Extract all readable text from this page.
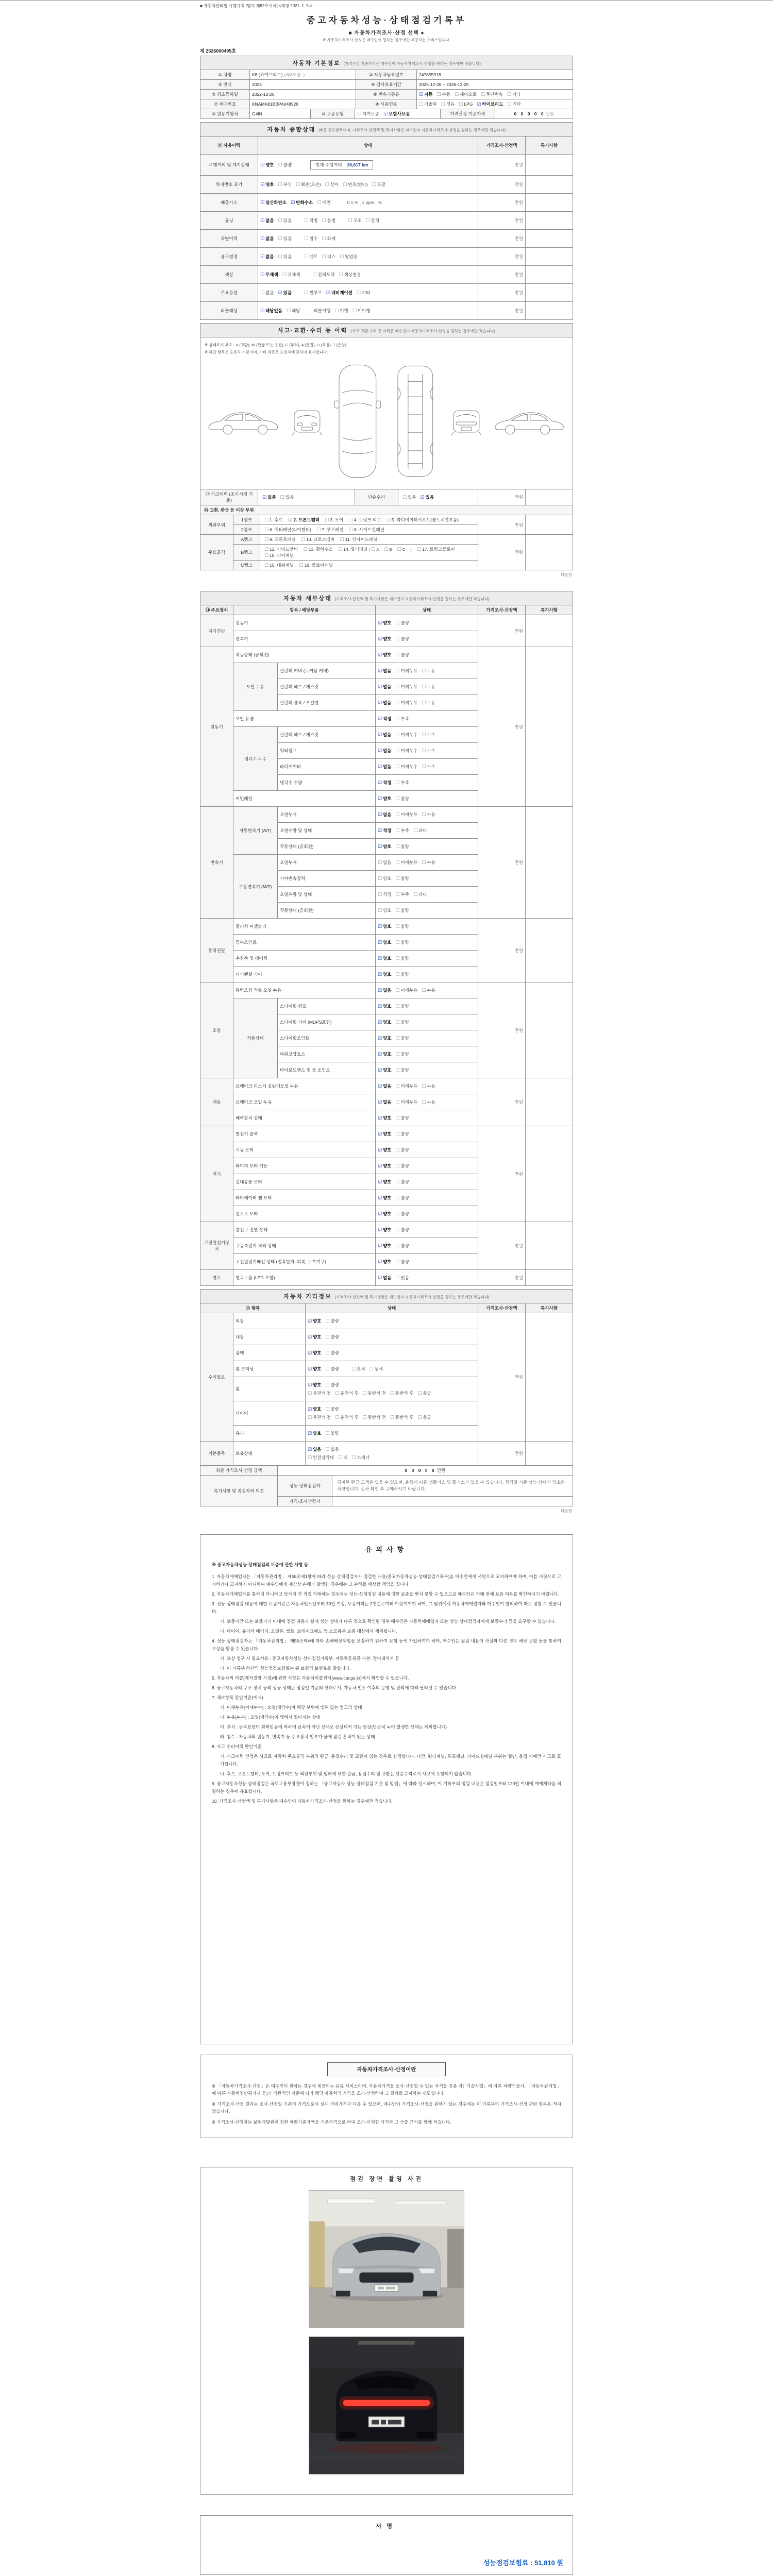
■ 자동차관리법 시행규칙 [별지 제82호서식] <개정 2021. 1. 5.>
중고자동차성능·상태점검기록부
■ 자동차가격조사·산정 선택 ●
※ 자동차가격조사·산정은 매수인이 원하는 경우에만 제공하는 서비스입니다.
제 2526000495호
자동차 기본정보 (가격산정 기준가격은 매수인이 자동차가격조사·산정을 원하는 경우에만 적습니다)			
① 차명	K8 (하이브리드) (세부모델 : )	② 자동차등록번호	247855918
③ 연식	2023	④ 검사유효기간	2025-12-26 ~ 2026-12-25
⑤ 최초등록일	2022-12-26	⑥ 변속기종류	☑ 자동 ☐ 수동 ☐ 세미오토 ☐ 무단변속 ☐ 기타
⑦ 차대번호	KNAMA81BBPA048926	⑧ 사용연료	☐ 가솔린 ☐ 경유 ☐ LPG ☑ 하이브리드 ☐ 기타
⑨ 원동기형식	G4IN	⑩ 보증유형	☐ 자가보증 ☑ 보험사보증	가격산정 기준가격	0 0 0 0 0 만원
자동차 종합상태 (※은 중요항목이며, 가격조사·산정액 및 특기사항은 매수인이 자동차가격조사·산정을 원하는 경우에만 적습니다)			
⑪ 사용이력	상태	가격조사·산정액	특기사항
주행거리 및 계기상태	☑ 양호 ☐ 불량 현재 주행거리 30,617 km	만원	
차대번호 표기	☑ 양호 ☐ 부식 ☐ 훼손(오손) ☐ 상이 ☐ 변조(변타) ☐ 도말	만원	
배출가스	☑ 일산화탄소 ☑ 탄화수소 ☐ 매연 0.1 % , 1 ppm , %	만원	
튜닝	☑ 없음 ☐ 있음 ☐ 적법 ☐ 불법 ☐ 구조 ☐ 장치	만원	
특별이력	☑ 없음 ☐ 있음 ☐ 침수 ☐ 화재	만원	
용도변경	☑ 없음 ☐ 있음 ☐ 렌트 ☐ 리스 ☐ 영업용	만원	
색상	☑ 무채색 ☐ 유채색 ☐ 전체도색 ☐ 색상변경	만원	
주요옵션	☐ 없음 ☑ 있음 ☐ 썬루프 ☑ 네비게이션 ☐ 기타	만원	
리콜대상	☑ 해당없음 ☐ 해당 리콜이행 ☐ 이행 ☐ 미이행	만원	
사고·교환·수리 등 이력 (사고·교환·수리 등 이력은 매수인이 자동차가격조사·산정을 원하는 경우에만 적습니다)
※ 상태표시 부호 : X (교환), W (판금 또는 용접), C (부식), A (흠집), U (요철), T (손상)
※ 하단 항목은 승용차 기준이며, 기타 차종은 승용차에 준하여 표시합니다.
⑫ 사고이력 (조사시점 기준)	☑ 없음 ☐ 있음	단순수리	☐ 없음 ☑ 있음	만원	
⑬ 교환, 판금 등 이상 부위				
외판부위	1랭크	☐ 1. 후드 ☑ 2. 프론트펜더 ☐ 3. 도어 ☐ 4. 트렁크 리드 ☐ 5. 라디에이터서포트(볼트체결부품)	만원	
	2랭크	☐ 6. 쿼터패널(리어펜더) ☐ 7. 루프패널 ☐ 8. 사이드실패널		
주요골격	A랭크	☐ 9. 프론트패널 ☐ 10. 크로스멤버 ☐ 11. 인사이드패널	만원	
	B랭크	☐ 12. 사이드멤버 ☐ 13. 휠하우스 ☐ 14. 필러패널 ( ☐ A ☐ B ☐ C ) ☐ 17. 트렁크플로어 ☐ 18. 리어패널		
	C랭크	☐ 15. 대쉬패널 ☐ 16. 플로어패널		
다음장
자동차 세부상태 (가격조사·산정액 및 특기사항은 매수인이 자동차가격조사·산정을 원하는 경우에만 적습니다)					
⑭ 주요장치	항목 / 해당부품		상태	가격조사·산정액	특기사항
자기진단	원동기		☑ 양호 ☐ 불량	만원	
	변속기		☑ 양호 ☐ 불량		
원동기	작동상태 (공회전)		☑ 양호 ☐ 불량	만원	
	오일 누유	실린더 커버 (로커암 커버)	☑ 없음 ☐ 미세누유 ☐ 누유		
		실린더 헤드 / 개스킷	☑ 없음 ☐ 미세누유 ☐ 누유		
		실린더 블록 / 오일팬	☑ 없음 ☐ 미세누유 ☐ 누유		
	오일 유량		☑ 적정 ☐ 부족		
	냉각수 누수	실린더 헤드 / 개스킷	☑ 없음 ☐ 미세누수 ☐ 누수		
		워터펌프	☑ 없음 ☐ 미세누수 ☐ 누수		
		라디에이터	☑ 없음 ☐ 미세누수 ☐ 누수		
		냉각수 수량	☑ 적정 ☐ 부족		
	커먼레일		☑ 양호 ☐ 불량		
변속기	자동변속기 (A/T)	오일누유	☑ 없음 ☐ 미세누유 ☐ 누유	만원	
		오일유량 및 상태	☑ 적정 ☐ 부족 ☐ 과다		
		작동상태 (공회전)	☑ 양호 ☐ 불량		
	수동변속기 (M/T)	오일누유	☐ 없음 ☐ 미세누유 ☐ 누유		
		기어변속장치	☐ 양호 ☐ 불량		
		오일유량 및 상태	☐ 적정 ☐ 부족 ☐ 과다		
		작동상태 (공회전)	☐ 양호 ☐ 불량		
동력전달	클러치 어셈블리		☑ 양호 ☐ 불량	만원	
	등속조인트		☑ 양호 ☐ 불량		
	추진축 및 베어링		☑ 양호 ☐ 불량		
	디퍼렌셜 기어		☑ 양호 ☐ 불량		
조향	동력조향 작동 오일 누유		☑ 없음 ☐ 미세누유 ☐ 누유	만원	
	작동상태	스티어링 펌프	☑ 양호 ☐ 불량		
		스티어링 기어 (MDPS포함)	☑ 양호 ☐ 불량		
		스티어링조인트	☑ 양호 ☐ 불량		
		파워고압호스	☑ 양호 ☐ 불량		
		타이로드엔드 및 볼 조인트	☑ 양호 ☐ 불량		
제동	브레이크 마스터 실린더오일 누유		☑ 없음 ☐ 미세누유 ☐ 누유	만원	
	브레이크 오일 누유		☑ 없음 ☐ 미세누유 ☐ 누유		
	배력장치 상태		☑ 양호 ☐ 불량		
전기	발전기 출력		☑ 양호 ☐ 불량	만원	
	시동 모터		☑ 양호 ☐ 불량		
	와이퍼 모터 기능		☑ 양호 ☐ 불량		
	실내송풍 모터		☑ 양호 ☐ 불량		
	라디에이터 팬 모터		☑ 양호 ☐ 불량		
	윈도우 모터		☑ 양호 ☐ 불량		
고전원전기장치	충전구 절연 상태		☑ 양호 ☐ 불량	만원	
	구동축전지 격리 상태		☑ 양호 ☐ 불량		
	고전원전기배선 상태 (접속단자, 피복, 보호기구)		☑ 양호 ☐ 불량		
연료	연료누출 (LPG 포함)		☑ 없음 ☐ 있음	만원	
자동차 기타정보 (가격조사·산정액 및 특기사항은 매수인이 자동차가격조사·산정을 원하는 경우에만 적습니다)				
⑮ 항목		상태	가격조사·산정액	특기사항
수리필요	외장	☑ 양호 ☐ 불량	만원	
	내장	☑ 양호 ☐ 불량		
	광택	☑ 양호 ☐ 불량		
	룸 크리닝	☑ 양호 ☐ 불량 ☐ 흔적 ☐ 냄새		
	휠	☑ 양호 ☐ 불량
☐ 운전석 전 ☐ 운전석 후 ☐ 동반석 전 ☐ 동반석 후 ☐ 응급		

	타이어	☑ 양호 ☐ 불량
☐ 운전석 전 ☐ 운전석 후 ☐ 동반석 전 ☐ 동반석 후 ☐ 응급		

	유리	☑ 양호 ☐ 불량		
기본품목	보유상태	☑ 있음 ☐ 없음
☐ 안전삼각대 ☐ 잭 ☐ 스패너	만원	
최종 가격조사·산정 금액	0 0 0 0 0 만원	
특기사항 및 점검자의 의견	성능·상태점검자	경미한 판금·도색은 있을 수 있으며, 운행에 따른 생활기스 및 휠기스가 있을 수 있습니다. 점검일 기준 성능·상태가 양호한 차량입니다. 실차 확인 후 구매하시기 바랍니다.
	가격·조사산정자	
다음장
유의사항
※ 중고자동차성능·상태점검의 보증에 관한 사항 등
1. 자동차매매업자는 「자동차관리법」 제58조제1항에 따라 성능·상태점검자가 점검한 내용(중고자동차성능·상태점검기록부)을 매수인에게 서면으로 고지하여야 하며, 이를 거짓으로 고지하거나 고지하지 아니하여 매수인에게 재산상 손해가 발생한 경우에는 그 손해를 배상할 책임을 집니다.
2. 자동차매매업자를 통하지 아니하고 당사자 간 직접 거래하는 경우에는 성능·상태점검 내용에 대한 보증을 받지 못할 수 있으므로 매수인은 거래 전에 보증 여부를 확인하시기 바랍니다.
3. 성능·상태점검 내용에 대한 보증기간은 자동차인도일부터 30일 이상, 보증거리는 2천킬로미터 이상이어야 하며, 그 범위에서 자동차매매업자와 매수인이 합의하여 따로 정할 수 있습니다.
가. 보증기간 또는 보증거리 이내에 점검 내용과 실제 성능·상태가 다른 것으로 확인된 경우 매수인은 자동차매매업자 또는 성능·상태점검자에게 보증수리 등을 요구할 수 있습니다.
나. 타이어, 유리와 배터리, 오일류, 벨트, 브레이크패드 등 소모품은 보증 대상에서 제외됩니다.
4. 성능·상태점검자는 「자동차관리법」 제58조의4에 따라 손해배상책임을 보장하기 위하여 보험 등에 가입하여야 하며, 매수인은 점검 내용이 사실과 다른 경우 해당 보험 등을 통하여 보상을 받을 수 있습니다.
가. 보상 청구 시 필요서류 : 중고자동차성능·상태점검기록부, 자동차등록증 사본, 정비내역서 등
나. 이 기록부 하단의 성능점검보험료는 위 보험의 보험료를 말합니다.
5. 자동차의 리콜(제작결함 시정)에 관한 사항은 자동차리콜센터(www.car.go.kr)에서 확인할 수 있습니다.
6. 중고자동차의 구조·장치 등의 성능·상태는 점검일 기준의 상태로서, 자동차 인도 이후의 운행 및 관리에 따라 달라질 수 있습니다.
7. 체크항목 판단기준(예시)
가. 미세누유(미세누수) : 오일(냉각수)이 해당 부위에 맺혀 있는 정도의 상태
나. 누유(누수) : 오일(냉각수)이 맺혀서 떨어지는 상태
다. 부식 : 금속표면이 화학반응에 의하여 금속이 아닌 상태로 상실되어 가는 현상(단순히 녹이 발생한 상태는 제외합니다)
라. 침수 : 자동차의 원동기, 변속기 등 주요장치 일부가 물에 잠긴 흔적이 있는 상태
8. 사고·수리이력 판단기준
가. 사고이력 인정은 사고로 자동차 주요골격 부위의 판금, 용접수리 및 교환이 있는 경우로 한정합니다. 다만, 쿼터패널, 루프패널, 사이드실패널 부위는 절단, 용접 시에만 사고로 표기합니다.
나. 후드, 프론트펜더, 도어, 트렁크리드 등 외판부위 및 범퍼에 대한 판금, 용접수리 및 교환은 단순수리로서 사고에 포함되지 않습니다.
9. 중고자동차성능·상태점검은 국토교통부장관이 정하는 「중고자동차 성능·상태점검 기준 및 방법」에 따라 실시하며, 이 기록부의 점검 내용은 점검일부터 120일 이내에 매매계약을 체결하는 경우에 유효합니다.
10. 가격조사·산정액 및 특기사항은 매수인이 자동차가격조사·산정을 원하는 경우에만 적습니다.
자동차가격조사·산정이란
※ 「자동차가격조사·산정」은 매수인이 원하는 경우에 제공되는 유료 서비스이며, 자동차가격을 조사·산정할 수 있는 자격을 갖춘 자(「기술사법」에 따른 차량기술사, 「자동차관리법」에 따른 자동차진단평가사 등)가 객관적인 기준에 따라 해당 자동차의 가격을 조사·산정하여 그 결과를 고지하는 제도입니다.
※ 가격조사·산정 결과는 조사·산정일 기준의 가격으로서 실제 거래가격과 다를 수 있으며, 매수인이 가격조사·산정을 원하지 않는 경우에는 이 기록부의 가격조사·산정 관련 항목은 적지 않습니다.
※ 가격조사·산정자는 보험개발원이 정한 차량기준가액을 기준가격으로 하여 조사·산정한 가격과 그 산출 근거를 함께 적습니다.
점검 장면 촬영 사진
서명
성능점검보험료 : 51,810 원
